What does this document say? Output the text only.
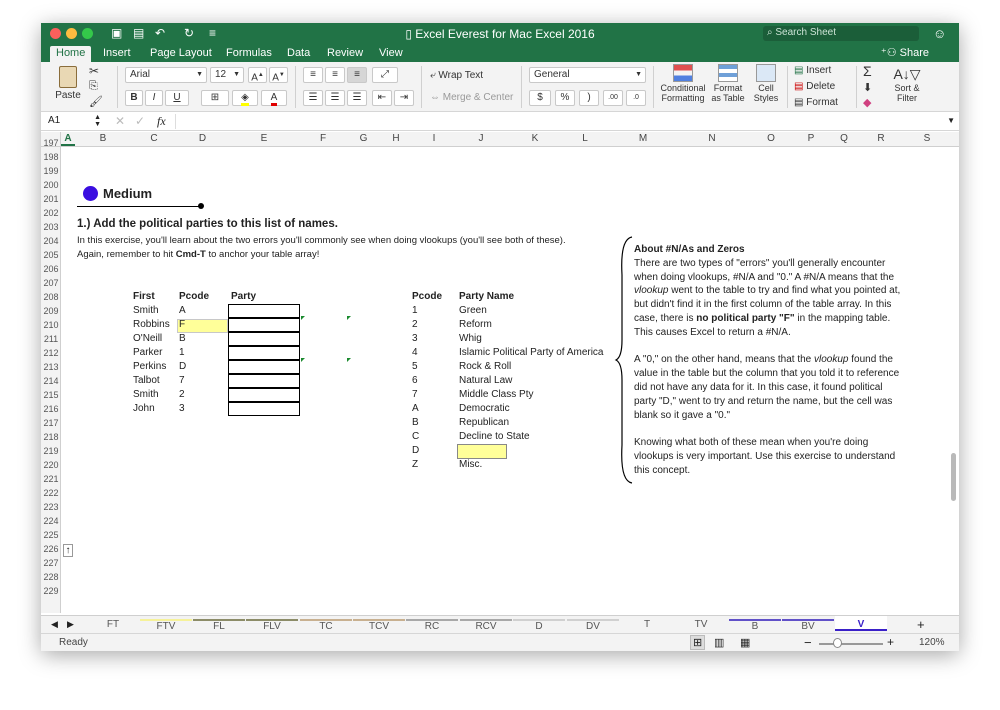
▣ ▤ ↶ ↻ ≡	▯ Excel Everest for Mac Excel 2016	⌕ Search Sheet	☺
Home	Insert Page Layout Formulas Data Review View	⁺⚇ Share
Paste
✂
⎘
🖌
Arial	▼	12 ▼	A▲ A▼
B	I	U	⊞	◈	A
≡	≡	≡	⤢
☰	☰	☰	⇤	⇥
⤶ Wrap Text
⇔ Merge & Center
General	▼
$	%	)	.00	.0
Conditional
Formatting
Format
as Table
Cell
Styles
▤ Insert
▤ Delete
▤ Format
Σ
⬇
◆
A↓▽
Sort &
Filter
A1	▲
▼ ✕ ✓ fx	▼
A	B	C	D	E	F	G	H	I	J	K	L	M	N	O	P	Q	R	S
197
198
199
200
201
202
203
204
205
206
207
208
209
210
211
212
213
214
215
216
217
218
219
220
221
222
223
224
225
226
227
228
229
Medium
1.) Add the political parties to this list of names.
In this exercise, you'll learn about the two errors you'll commonly see when doing vlookups (you'll see both of these).
Again, remember to hit Cmd-T to anchor your table array!
First Pcode Party
Smith A
Robbins F
O'Neill B
Parker 1
Perkins D
Talbot 7
Smith 2
John 3
Pcode Party Name
1	Green
2	Reform
3	Whig
4	Islamic Political Party of America
5	Rock & Roll
6	Natural Law
7	Middle Class Pty
A	Democratic
B	Republican
C	Decline to State
D
Z	Misc.
About #N/As and Zeros
There are two types of "errors" you'll generally encounter when doing vlookups, #N/A and "0." A #N/A means that the vlookup went to the table to try and find what you pointed at, but didn't find it in the first column of the table array. In this case, there is no political party "F" in the mapping table. This causes Excel to return a #N/A.
A "0," on the other hand, means that the vlookup found the value in the table but the column that you told it to reference did not have any data for it. In this case, it found political party "D," went to try and return the name, but the cell was blank so it gave a "0."
Knowing what both of these mean when you're doing vlookups is very important. Use this exercise to understand this concept.
↑
◀ ▶	FT	FTV	FL	FLV	TC	TCV	RC	RCV	D	DV	T	TV	B	BV	V	+
Ready	⊞ ▥ ▦	−	+ 120%
